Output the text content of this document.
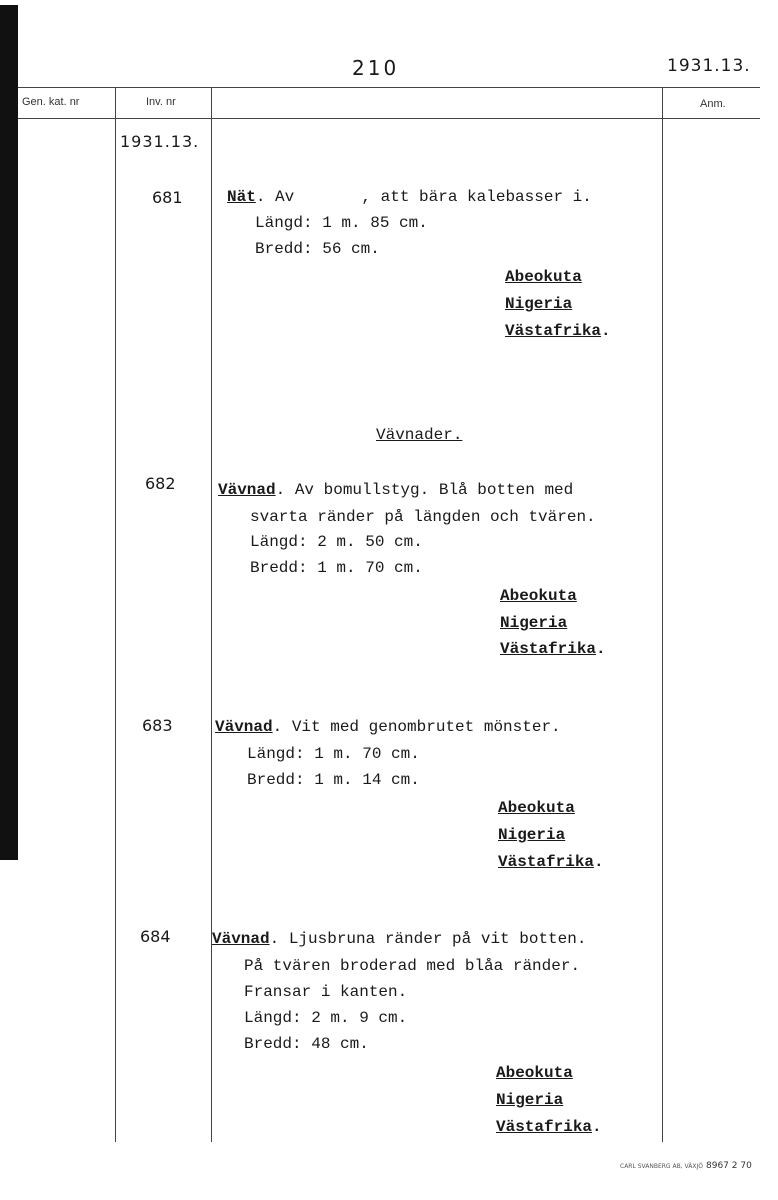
210	1931.13.
Gen. kat. nr	Inv. nr	Anm.
1931.13.
681	Nät. Av       , att bära kalebasser i.
Längd: 1 m. 85 cm.
Bredd: 56 cm.
Abeokuta
Nigeria
Västafrika.
Vävnader.
682	Vävnad. Av bomullstyg. Blå botten med
svarta ränder på längden och tvären.
Längd: 2 m. 50 cm.
Bredd: 1 m. 70 cm.
Abeokuta
Nigeria
Västafrika.
683	Vävnad. Vit med genombrutet mönster.
Längd: 1 m. 70 cm.
Bredd: 1 m. 14 cm.
Abeokuta
Nigeria
Västafrika.
684	Vävnad. Ljusbruna ränder på vit botten.
På tvären broderad med blåa ränder.
Fransar i kanten.
Längd: 2 m. 9 cm.
Bredd: 48 cm.
Abeokuta
Nigeria
Västafrika.
CARL SVANBERG AB, VÄXJÖ 8967 2 70
